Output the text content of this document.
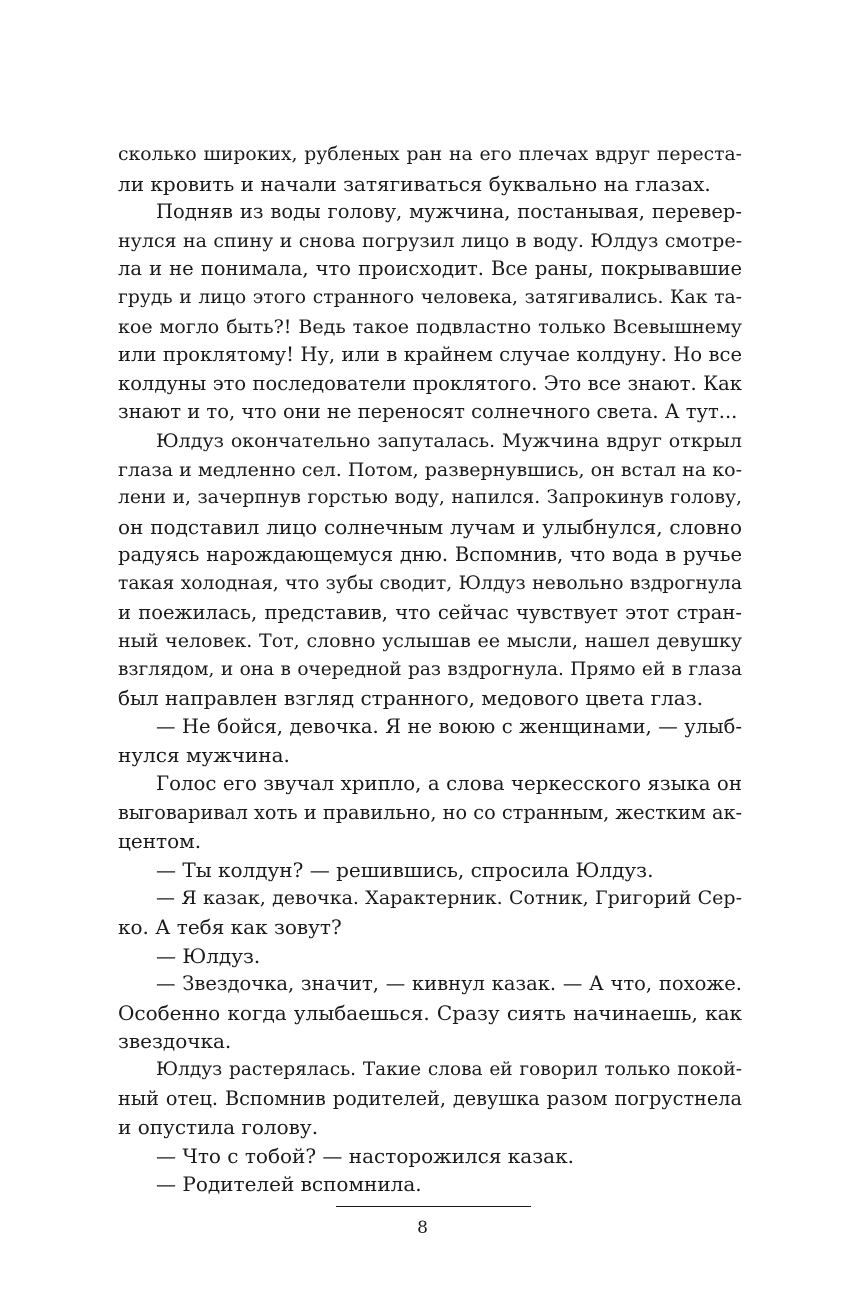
сколько широких, рубленых ран на его плечах вдруг переста-
ли кровить и начали затягиваться буквально на глазах.
Подняв из воды голову, мужчина, постанывая, перевер-
нулся на спину и снова погрузил лицо в воду. Юлдуз смотре-
ла и не понимала, что происходит. Все раны, покрывавшие
грудь и лицо этого странного человека, затягивались. Как та-
кое могло быть?! Ведь такое подвластно только Всевышнему
или проклятому! Ну, или в крайнем случае колдуну. Но все
колдуны это последователи проклятого. Это все знают. Как
знают и то, что они не переносят солнечного света. А тут...
Юлдуз окончательно запуталась. Мужчина вдруг открыл
глаза и медленно сел. Потом, развернувшись, он встал на ко-
лени и, зачерпнув горстью воду, напился. Запрокинув голову,
он подставил лицо солнечным лучам и улыбнулся, словно
радуясь нарождающемуся дню. Вспомнив, что вода в ручье
такая холодная, что зубы сводит, Юлдуз невольно вздрогнула
и поежилась, представив, что сейчас чувствует этот стран-
ный человек. Тот, словно услышав ее мысли, нашел девушку
взглядом, и она в очередной раз вздрогнула. Прямо ей в глаза
был направлен взгляд странного, медового цвета глаз.
— Не бойся, девочка. Я не воюю с женщинами, — улыб-
нулся мужчина.
Голос его звучал хрипло, а слова черкесского языка он
выговаривал хоть и правильно, но со странным, жестким ак-
центом.
— Ты колдун? — решившись, спросила Юлдуз.
— Я казак, девочка. Характерник. Сотник, Григорий Сер-
ко. А тебя как зовут?
— Юлдуз.
— Звездочка, значит, — кивнул казак. — А что, похоже.
Особенно когда улыбаешься. Сразу сиять начинаешь, как
звездочка.
Юлдуз растерялась. Такие слова ей говорил только покой-
ный отец. Вспомнив родителей, девушка разом погрустнела
и опустила голову.
— Что с тобой? — насторожился казак.
— Родителей вспомнила.
8
